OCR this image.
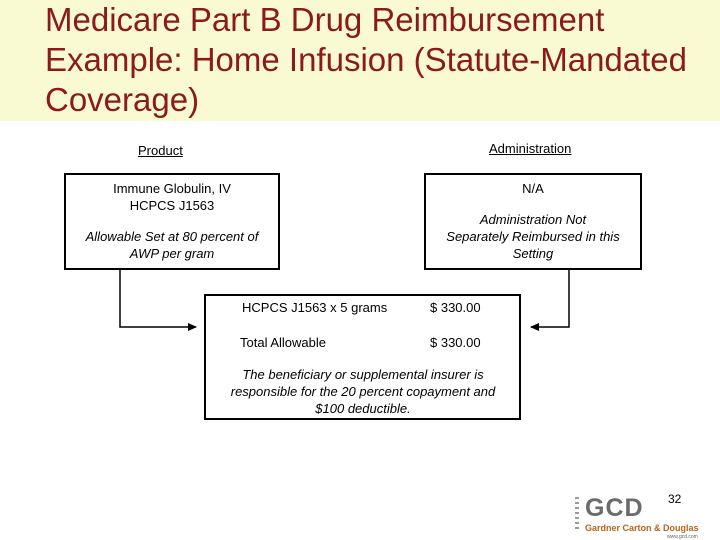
Medicare Part B Drug Reimbursement Example: Home Infusion (Statute-Mandated Coverage)
Product	Administration

Immune Globulin, IV

HCPCS J1563

Allowable Set at 80 percent of

AWP per gram

N/A

Administration Not

Separately Reimbursed in this

Setting

HCPCS J1563 x 5 grams	$ 330.00
Total Allowable	$ 330.00
The beneficiary or supplemental insurer is
responsible for the 20 percent copayment and
$100 deductible.
32
GCD
Gardner Carton & Douglas
www.gcd.com
